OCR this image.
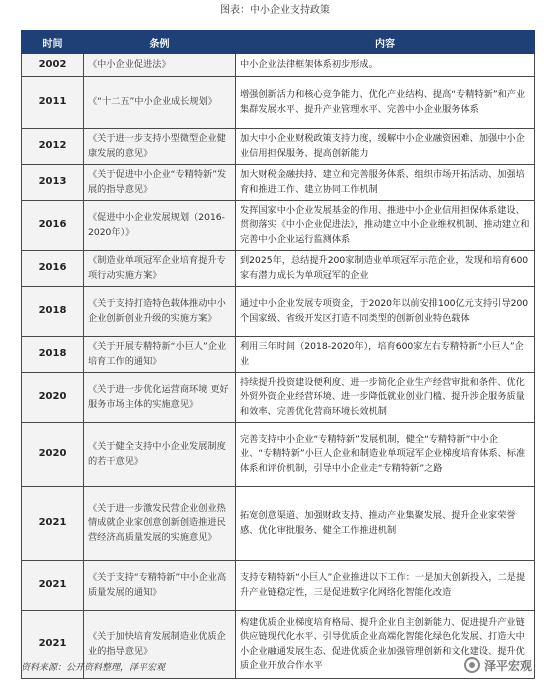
图表：中小企业支持政策
时间	条例	内容
2002	《中小企业促进法》	中小企业法律框架体系初步形成。
2011	《“十二五”中小企业成长规划》	增强创新活力和核心竞争能力、优化产业结构、提高“专精特新”和产业集群发展水平、提升产业管理水平、完善中小企业服务体系
2012	《关于进一步支持小型微型企业健康发展的意见》	加大中小企业财税政策支持力度，缓解中小企业融资困难、加强中小企业信用担保服务、提高创新能力
2013	《关于促进中小企业“专精特新”发展的指导意见》	加大财税金融扶持、建立和完善服务体系、组织市场开拓活动、加强培育和推进工作、建立协同工作机制
2016	《促进中小企业发展规划（2016-2020年）》	发挥国家中小企业发展基金的作用、推进中小企业信用担保体系建设、贯彻落实《中小企业促进法》，推动建立中小企业维权机制、推动建立和完善中小企业运行监测体系
2016	《制造业单项冠军企业培育提升专项行动实施方案》	到2025年，总结提升200家制造业单项冠军示范企业，发现和培育600家有潜力成长为单项冠军的企业
2018	《关于支持打造特色载体推动中小企业创新创业升级的实施方案》	通过中小企业发展专项资金，于2020年以前安排100亿元支持引导200个国家级、省级开发区打造不同类型的创新创业特色载体
2018	《关于开展专精特新“小巨人”企业培育工作的通知》	利用三年时间（2018-2020年），培育600家左右专精特新“小巨人”企业
2020	《关于进一步优化运营商环境 更好服务市场主体的实施意见》	持续提升投资建设便利度、进一步简化企业生产经营审批和条件、优化外贸外资企业经营环境、进一步降低就业创业门槛、提升涉企服务质量和效率、完善优化营商环境长效机制
2020	《关于健全支持中小企业发展制度的若干意见》	完善支持中小企业“专精特新”发展机制，健全“专精特新”中小企业、“专精特新”小巨人企业和制造业单项冠军企业梯度培育体系、标准体系和评价机制，引导中小企业走“专精特新”之路
2021	《关于进一步激发民营企业创业热情成就企业家创意创新创造推进民营经济高质量发展的实施意见》	拓宽创意渠道、加强财政支持、推动产业集聚发展、提升企业家荣誉感、优化审批服务、健全工作推进机制
2021	《关于支持“专精特新”中小企业高质量发展的通知》	支持专精特新“小巨人”企业推进以下工作：一是加大创新投入，二是提升产业链稳定性，三是促进数字化网络化智能化改造
2021	《关于加快培育发展制造业优质企业的指导意见》	构建优质企业梯度培育格局、提升企业自主创新能力、促进提升产业链供应链现代化水平、引导优质企业高端化智能化绿色化发展、打造大中小企业融通发展生态、促进优质企业加强管理创新和文化建设、提升优质企业开放合作水平
资料来源：公开资料整理，泽平宏观	泽平宏观
